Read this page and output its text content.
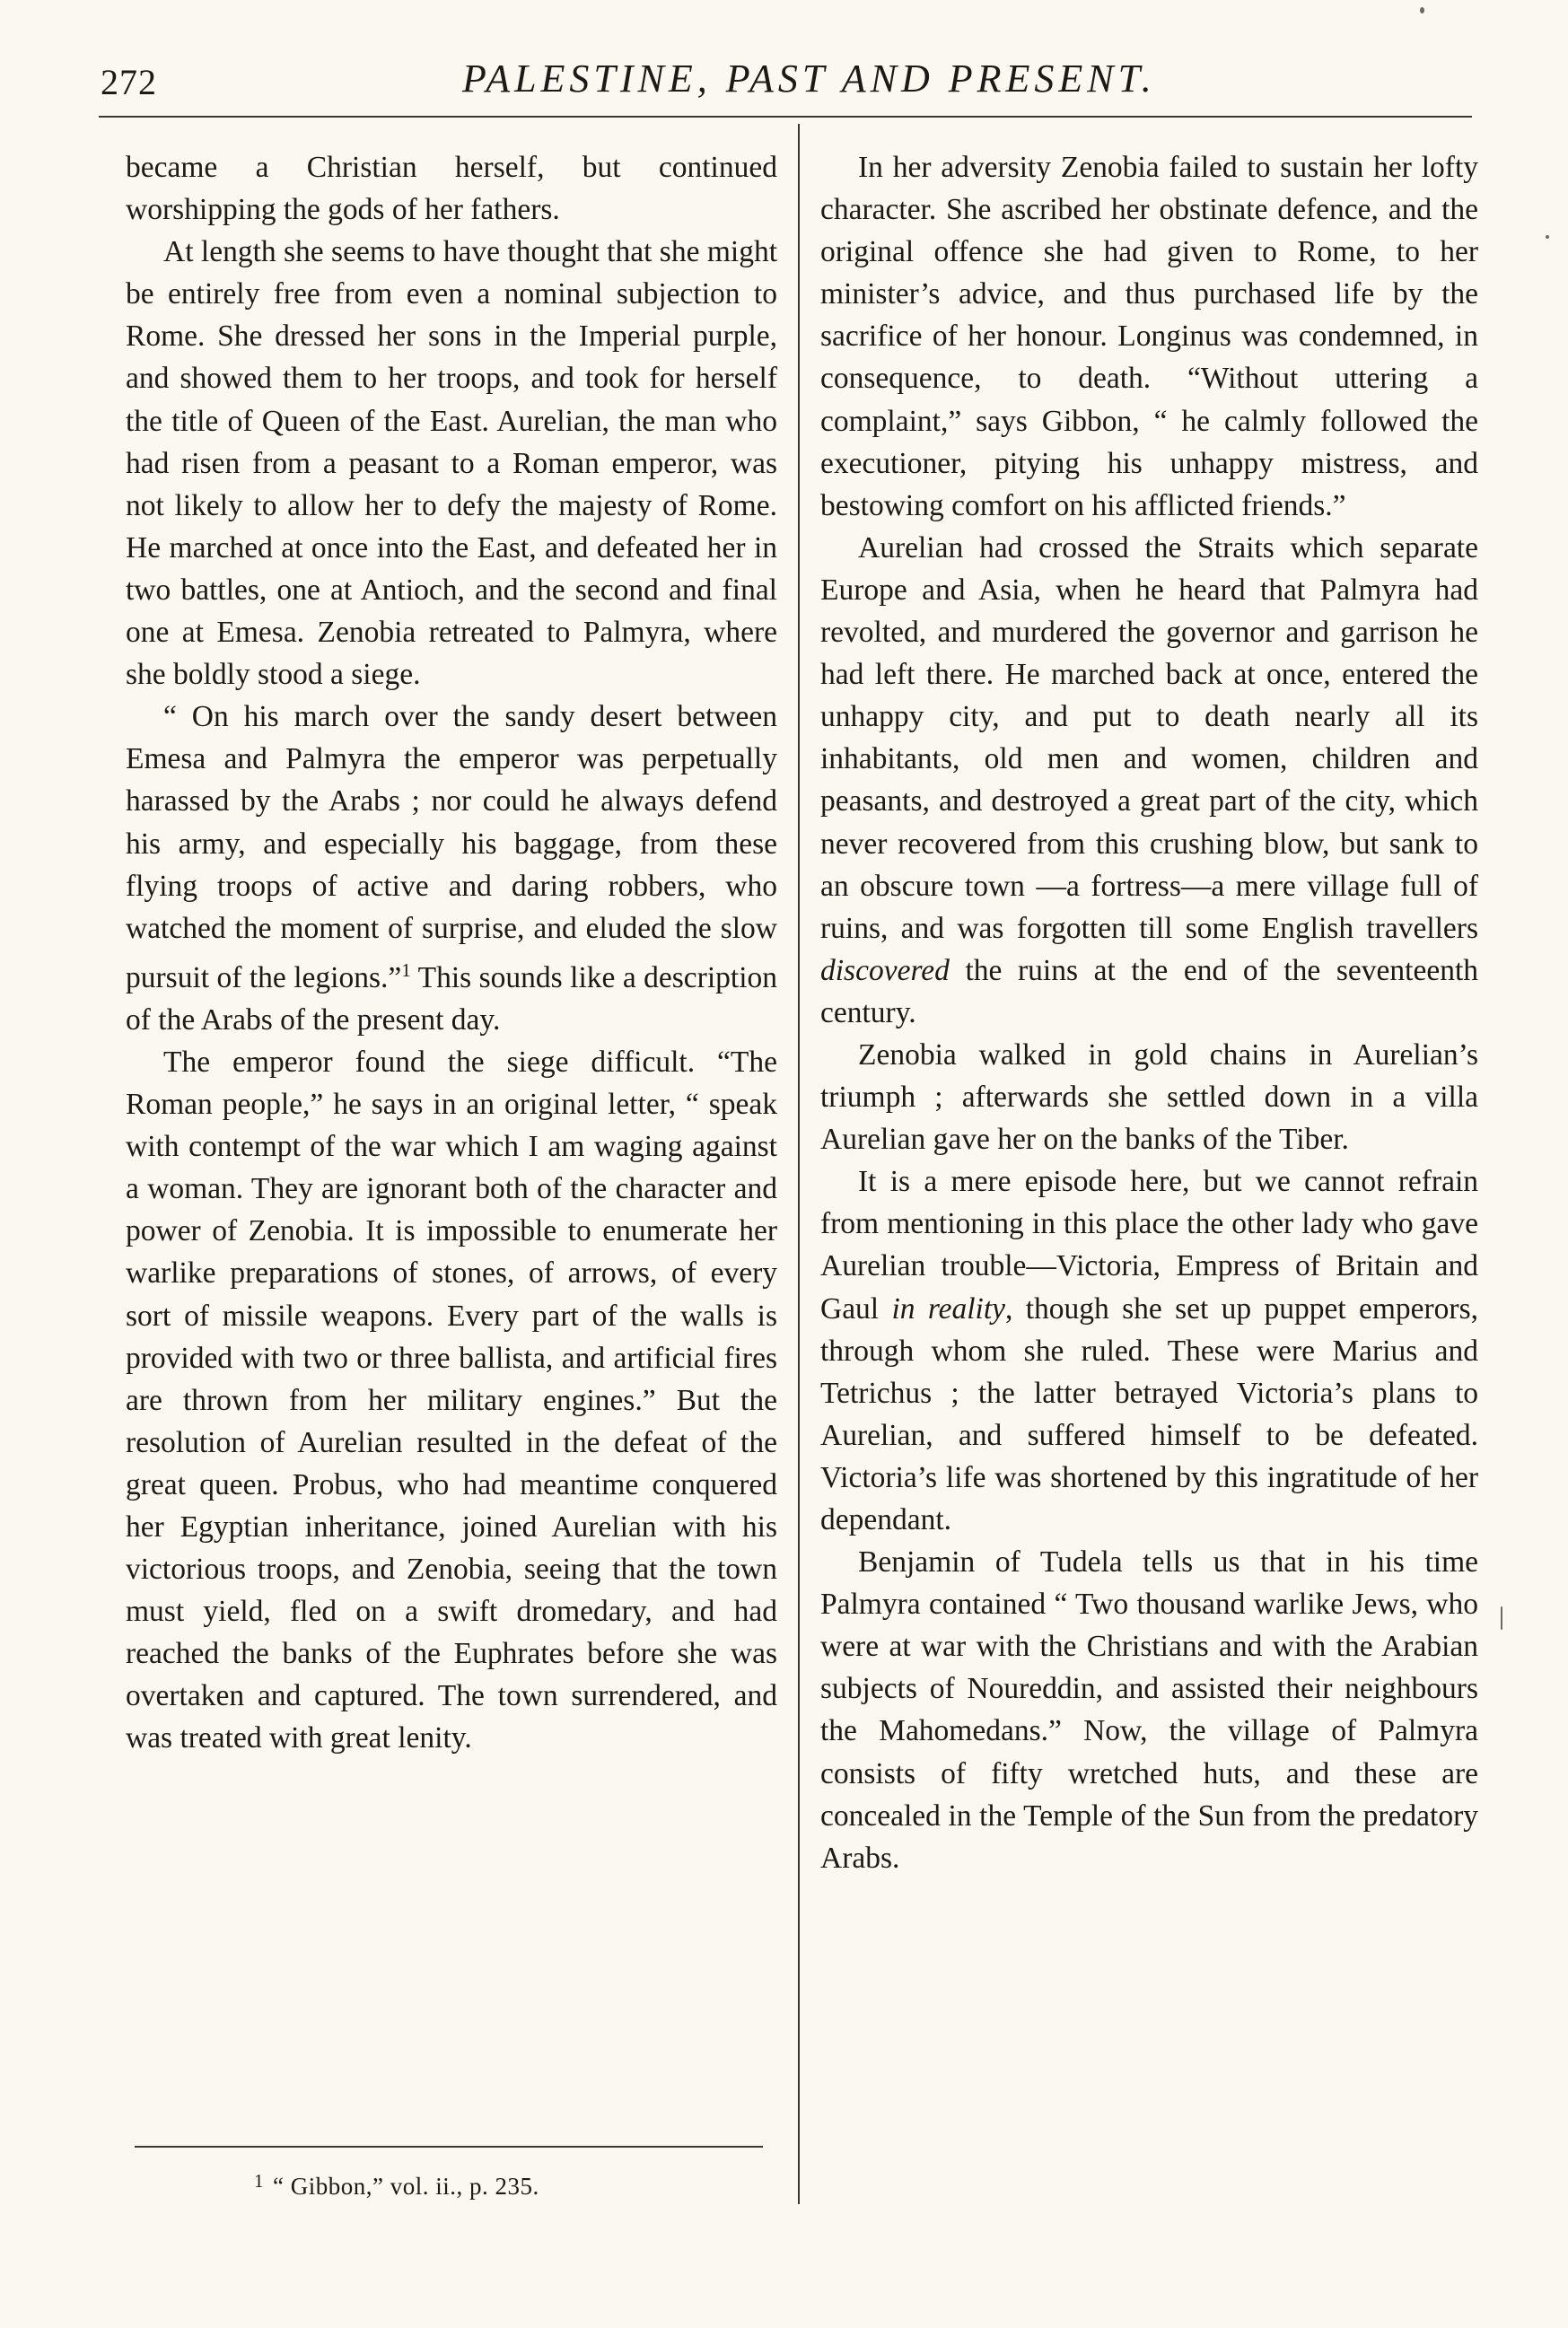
272	PALESTINE, PAST AND PRESENT.

became a Christian herself, but continued worshipping the gods of her fathers.

At length she seems to have thought that she might be entirely free from even a nominal subjection to Rome. She dressed her sons in the Imperial purple, and showed them to her troops, and took for herself the title of Queen of the East. Aurelian, the man who had risen from a peasant to a Roman emperor, was not likely to allow her to defy the majesty of Rome. He marched at once into the East, and defeated her in two battles, one at Antioch, and the second and final one at Emesa. Zenobia retreated to Palmyra, where she boldly stood a siege.

“ On his march over the sandy desert between Emesa and Palmyra the emperor was perpetually harassed by the Arabs ; nor could he always defend his army, and especially his baggage, from these flying troops of active and daring robbers, who watched the moment of surprise, and eluded the slow pursuit of the legions.”$^1$ This sounds like a description of the Arabs of the present day.

The emperor found the siege difficult. “The Roman people,” he says in an original letter, “ speak with contempt of the war which I am waging against a woman. They are ignorant both of the character and power of Zenobia. It is impossible to enumerate her warlike preparations of stones, of arrows, of every sort of missile weapons. Every part of the walls is provided with two or three ballista, and artificial fires are thrown from her military engines.” But the resolution of Aurelian resulted in the defeat of the great queen. Probus, who had meantime conquered her Egyptian inheritance, joined Aurelian with his victorious troops, and Zenobia, seeing that the town must yield, fled on a swift dromedary, and had reached the banks of the Euphrates before she was overtaken and captured. The town surrendered, and was treated with great lenity.

In her adversity Zenobia failed to sustain her lofty character. She ascribed her obstinate defence, and the original offence she had given to Rome, to her minister’s advice, and thus purchased life by the sacrifice of her honour. Longinus was condemned, in consequence, to death. “Without uttering a complaint,” says Gibbon, “ he calmly followed the executioner, pitying his unhappy mistress, and bestowing comfort on his afflicted friends.”

Aurelian had crossed the Straits which separate Europe and Asia, when he heard that Palmyra had revolted, and murdered the governor and garrison he had left there. He marched back at once, entered the unhappy city, and put to death nearly all its inhabitants, old men and women, children and peasants, and destroyed a great part of the city, which never recovered from this crushing blow, but sank to an obscure town —a fortress—a mere village full of ruins, and was forgotten till some English travellers discovered the ruins at the end of the seventeenth century.

Zenobia walked in gold chains in Aurelian’s triumph ; afterwards she settled down in a villa Aurelian gave her on the banks of the Tiber.

It is a mere episode here, but we cannot refrain from mentioning in this place the other lady who gave Aurelian trouble—Victoria, Empress of Britain and Gaul in reality, though she set up puppet emperors, through whom she ruled. These were Marius and Tetrichus ; the latter betrayed Victoria’s plans to Aurelian, and suffered himself to be defeated. Victoria’s life was shortened by this ingratitude of her dependant.

Benjamin of Tudela tells us that in his time Palmyra contained “ Two thousand warlike Jews, who were at war with the Christians and with the Arabian subjects of Noureddin, and assisted their neighbours the Mahomedans.” Now, the village of Palmyra consists of fifty wretched huts, and these are concealed in the Temple of the Sun from the predatory Arabs.

$^1$ “ Gibbon,” vol. ii., p. 235.
